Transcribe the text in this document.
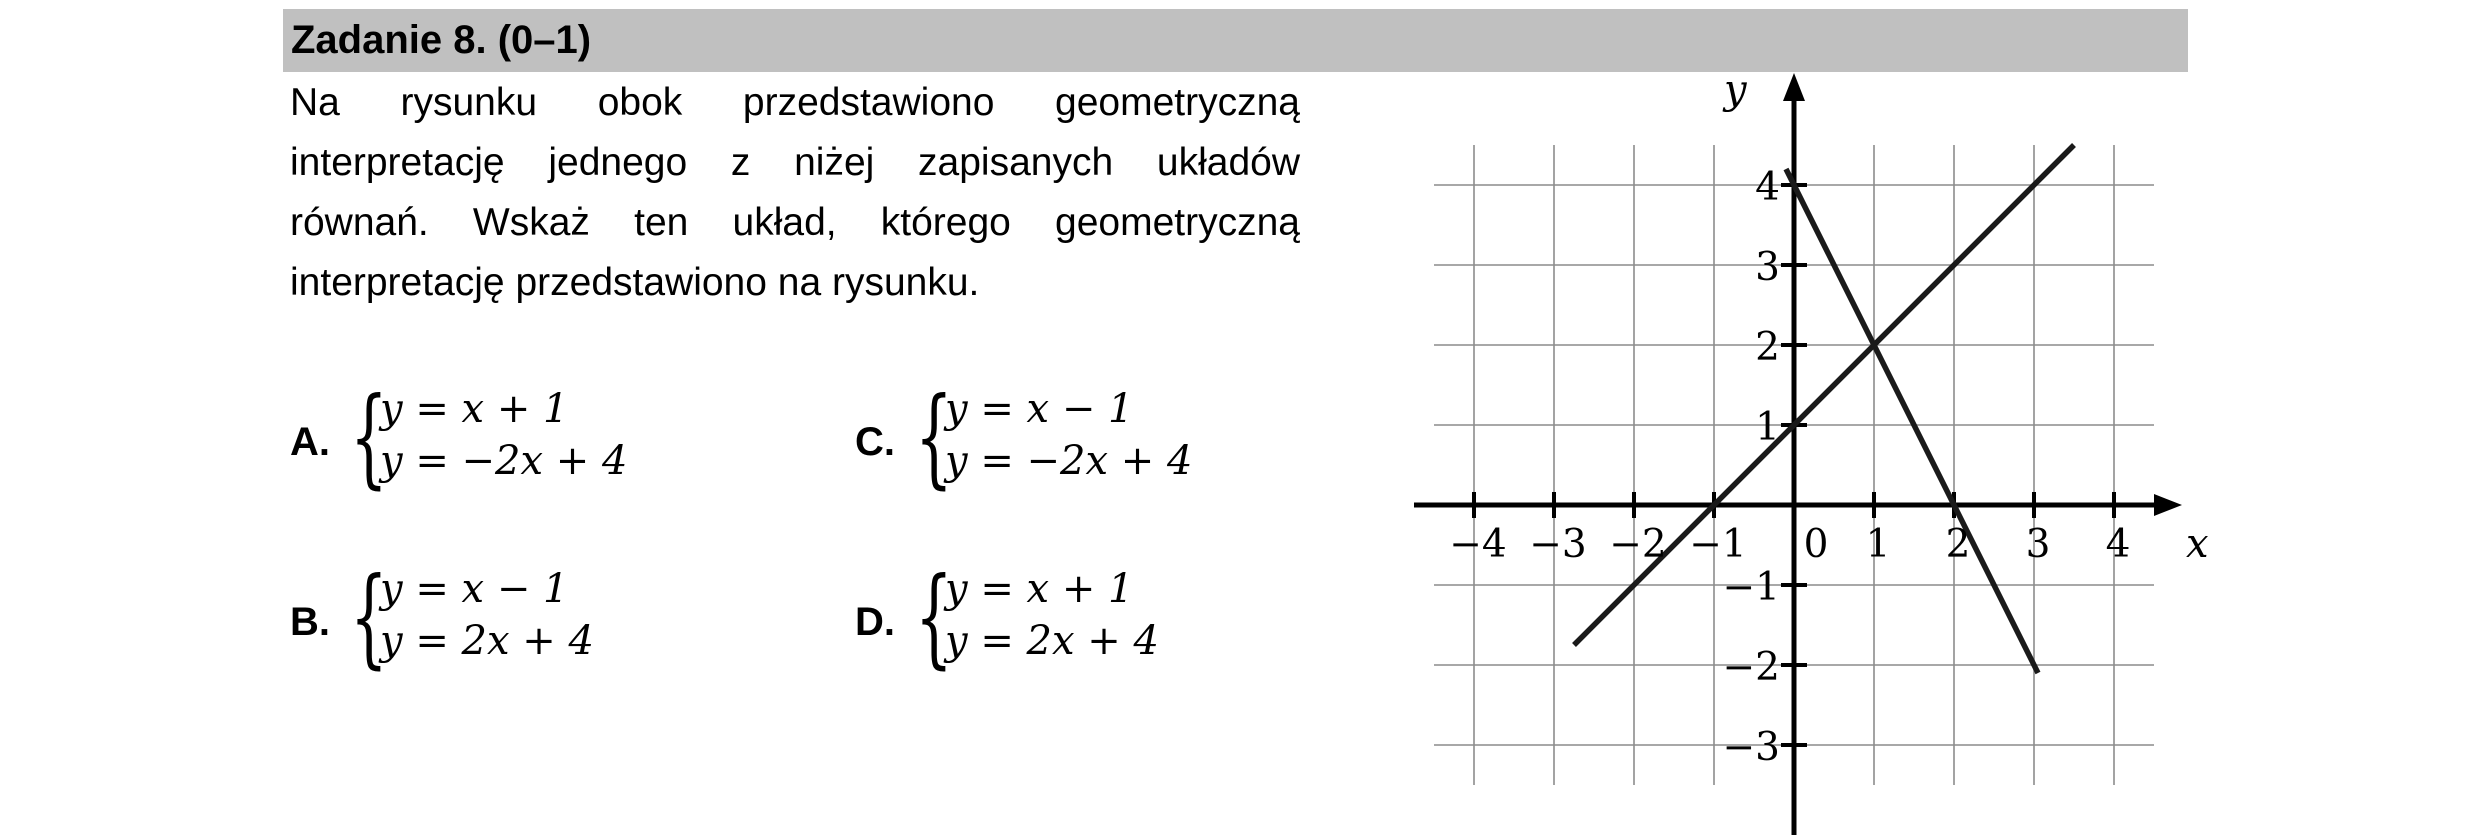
Zadanie 8. (0–1)
Na rysunku obok przedstawiono geometryczną
interpretację jednego z niżej zapisanych układów
równań. Wskaż ten układ, którego geometryczną
interpretację przedstawiono na rysunku.
A. {
y = x + 1
y = −2x + 4	C. {
y = x − 1
y = −2x + 4
B. {
y = x − 1
y = 2x + 4	D. {
y = x + 1
y = 2x + 4
−4 −3 −2 −1 0 1 2 3 4
4
3
2
1
−1
−2
−3
x
y
